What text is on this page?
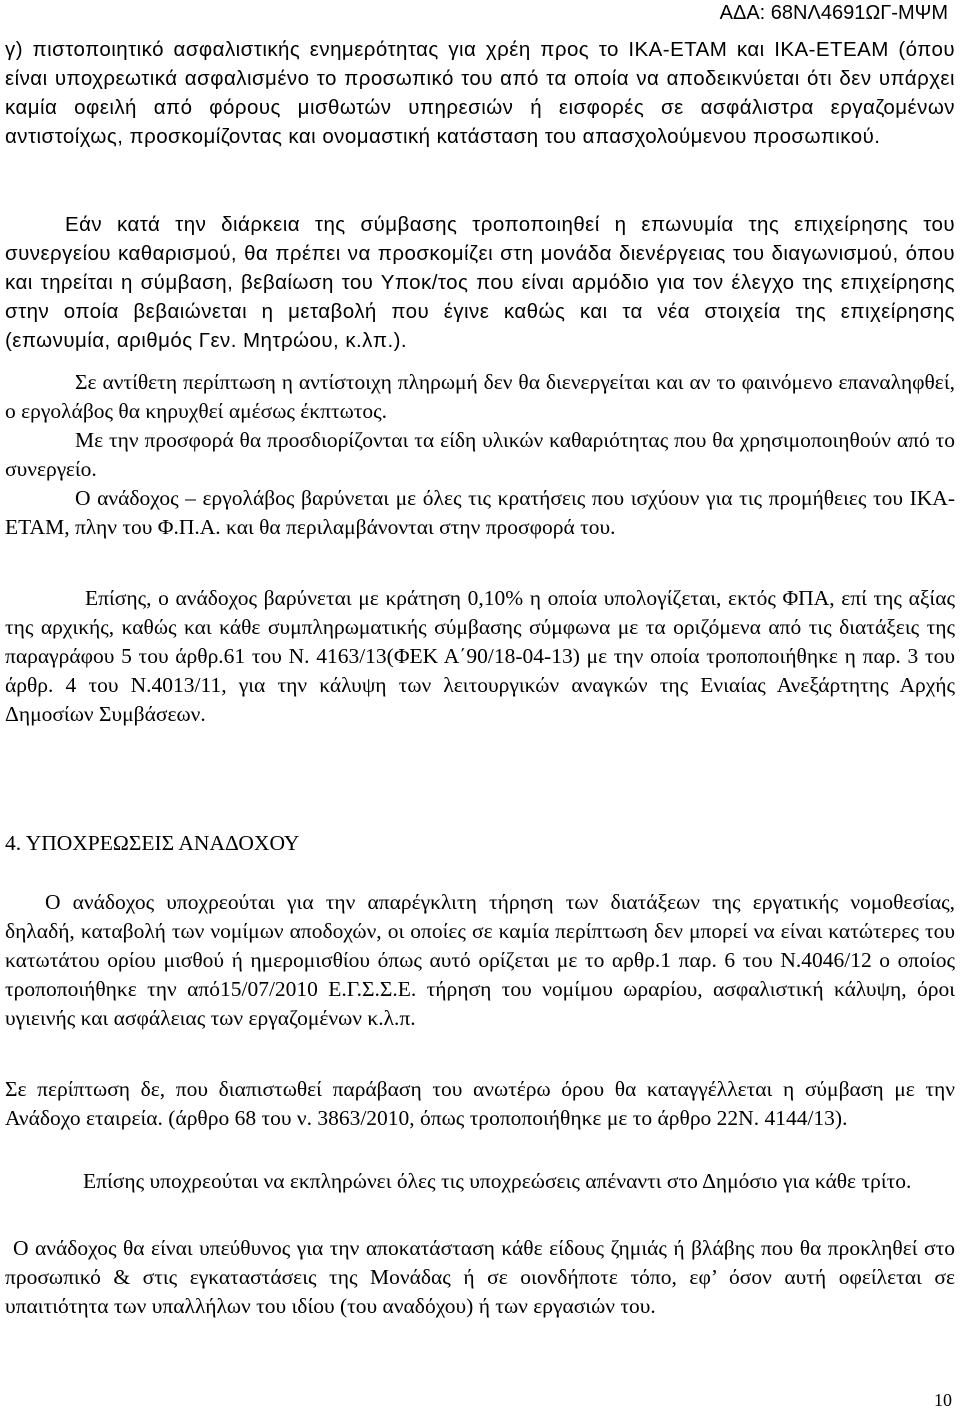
ΑΔΑ: 68ΝΛ4691ΩΓ-ΜΨΜ

γ) πιστοποιητικό ασφαλιστικής ενημερότητας για χρέη προς το ΙΚΑ-ΕΤΑΜ και ΙΚΑ-ΕΤΕΑΜ (όπου είναι υποχρεωτικά ασφαλισμένο το προσωπικό του από τα οποία να αποδεικνύεται ότι δεν υπάρχει καμία οφειλή από φόρους μισθωτών υπηρεσιών ή εισφορές σε ασφάλιστρα εργαζομένων αντιστοίχως, προσκομίζοντας και ονομαστική κατάσταση του απασχολούμενου προσωπικού.

Εάν κατά την διάρκεια της σύμβασης τροποποιηθεί η επωνυμία της επιχείρησης του συνεργείου καθαρισμού, θα πρέπει να προσκομίζει στη μονάδα διενέργειας του διαγωνισμού, όπου και τηρείται η σύμβαση, βεβαίωση του Υποκ/τος που είναι αρμόδιο για τον έλεγχο της επιχείρησης στην οποία βεβαιώνεται η μεταβολή που έγινε καθώς και τα νέα στοιχεία της επιχείρησης (επωνυμία, αριθμός Γεν. Μητρώου, κ.λπ.).

Σε αντίθετη περίπτωση η αντίστοιχη πληρωμή δεν θα διενεργείται και αν το φαινόμενο επαναληφθεί, ο εργολάβος θα κηρυχθεί αμέσως έκπτωτος.

Με την προσφορά θα προσδιορίζονται τα είδη υλικών καθαριότητας που θα χρησιμοποιηθούν από το συνεργείο.

Ο ανάδοχος – εργολάβος βαρύνεται με όλες τις κρατήσεις που ισχύουν για τις προμήθειες του ΙΚΑ-ΕΤΑΜ, πλην του Φ.Π.Α. και θα περιλαμβάνονται στην προσφορά του.

Επίσης, ο ανάδοχος βαρύνεται με κράτηση 0,10% η οποία υπολογίζεται, εκτός ΦΠΑ, επί της αξίας της αρχικής, καθώς και κάθε συμπληρωματικής σύμβασης σύμφωνα με τα οριζόμενα από τις διατάξεις της παραγράφου 5 του άρθρ.61 του Ν. 4163/13(ΦΕΚ Α΄90/18-04-13) με την οποία τροποποιήθηκε η παρ. 3 του άρθρ. 4 του Ν.4013/11, για την κάλυψη των λειτουργικών αναγκών της Ενιαίας Ανεξάρτητης Αρχής Δημοσίων Συμβάσεων.

4. ΥΠΟΧΡΕΩΣΕΙΣ ΑΝΑΔΟΧΟΥ

Ο ανάδοχος υποχρεούται για την απαρέγκλιτη τήρηση των διατάξεων της εργατικής νομοθεσίας, δηλαδή, καταβολή των νομίμων αποδοχών, οι οποίες σε καμία περίπτωση δεν μπορεί να είναι κατώτερες του κατωτάτου ορίου μισθού ή ημερομισθίου όπως αυτό ορίζεται με το αρθρ.1 παρ. 6 του Ν.4046/12 ο οποίος τροποποιήθηκε την από15/07/2010 Ε.Γ.Σ.Σ.Ε. τήρηση του νομίμου ωραρίου, ασφαλιστική κάλυψη, όροι υγιεινής και ασφάλειας των εργαζομένων κ.λ.π.

Σε περίπτωση δε, που διαπιστωθεί παράβαση του ανωτέρω όρου θα καταγγέλλεται η σύμβαση με την Ανάδοχο εταιρεία. (άρθρο 68 του ν. 3863/2010, όπως τροποποιήθηκε με το άρθρο 22Ν. 4144/13).

Επίσης υποχρεούται να εκπληρώνει όλες τις υποχρεώσεις απέναντι στο Δημόσιο για κάθε τρίτο.

Ο ανάδοχος θα είναι υπεύθυνος για την αποκατάσταση κάθε είδους ζημιάς ή βλάβης που θα προκληθεί στο προσωπικό & στις εγκαταστάσεις της Μονάδας ή σε οιονδήποτε τόπο, εφ’ όσον αυτή οφείλεται σε υπαιτιότητα των υπαλλήλων του ιδίου (του αναδόχου) ή των εργασιών του.

10
